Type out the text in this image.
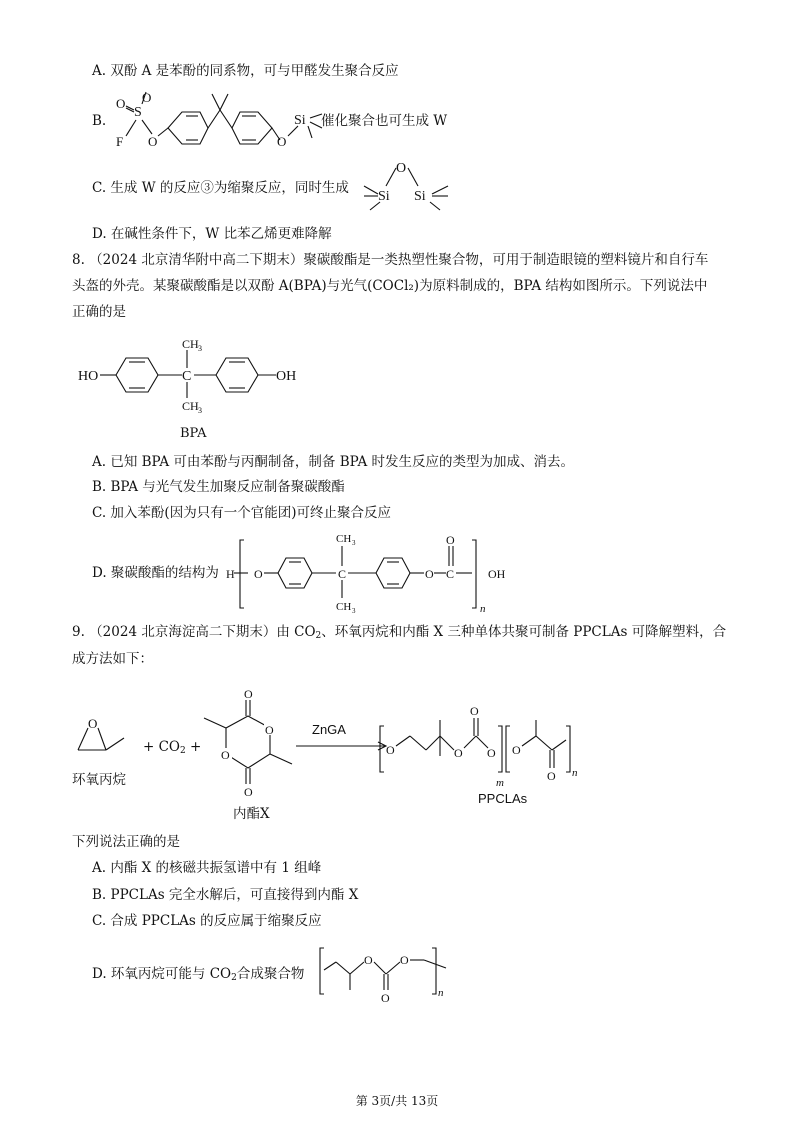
A. 双酚 A 是苯酚的同系物，可与甲醛发生聚合反应
B.
S
O O
F O	O
Si 催化聚合也可生成 W
C. 生成 W 的反应③为缩聚反应，同时生成
O
Si Si
D. 在碱性条件下，W 比苯乙烯更难降解
8. （2024 北京清华附中高二下期末）聚碳酸酯是一类热塑性聚合物，可用于制造眼镜的塑料镜片和自行车
头盔的外壳。某聚碳酸酯是以双酚 A(BPA)与光气(COCl₂)为原料制成的，BPA 结构如图所示。下列说法中
正确的是
HO	C
CH 3
CH 3
OH
BPA
A. 已知 BPA 可由苯酚与丙酮制备，制备 BPA 时发生反应的类型为加成、消去。
B. BPA 与光气发生加聚反应制备聚碳酸酯
C. 加入苯酚(因为只有一个官能团)可终止聚合反应
D. 聚碳酸酯的结构为 H O	C
CH 3
CH 3
O C
O
n
OH
9. （2024 北京海淀高二下期末）由 $CO_2$、环氧丙烷和内酯 X 三种单体共聚可制备 PPCLAs 可降解塑料，合
成方法如下：
O
环氧丙烷
+ $CO_2$ +
O
O
O
O
内酯X
ZnGA
O	O
O
O
m
O
O n
PPCLAs
下列说法正确的是
A. 内酯 X 的核磁共振氢谱中有 1 组峰
B. PPCLAs 完全水解后，可直接得到内酯 X
C. 合成 PPCLAs 的反应属于缩聚反应
D. 环氧丙烷可能与 $CO_2$合成聚合物
O
O
O
n
第 3页/共 13页
